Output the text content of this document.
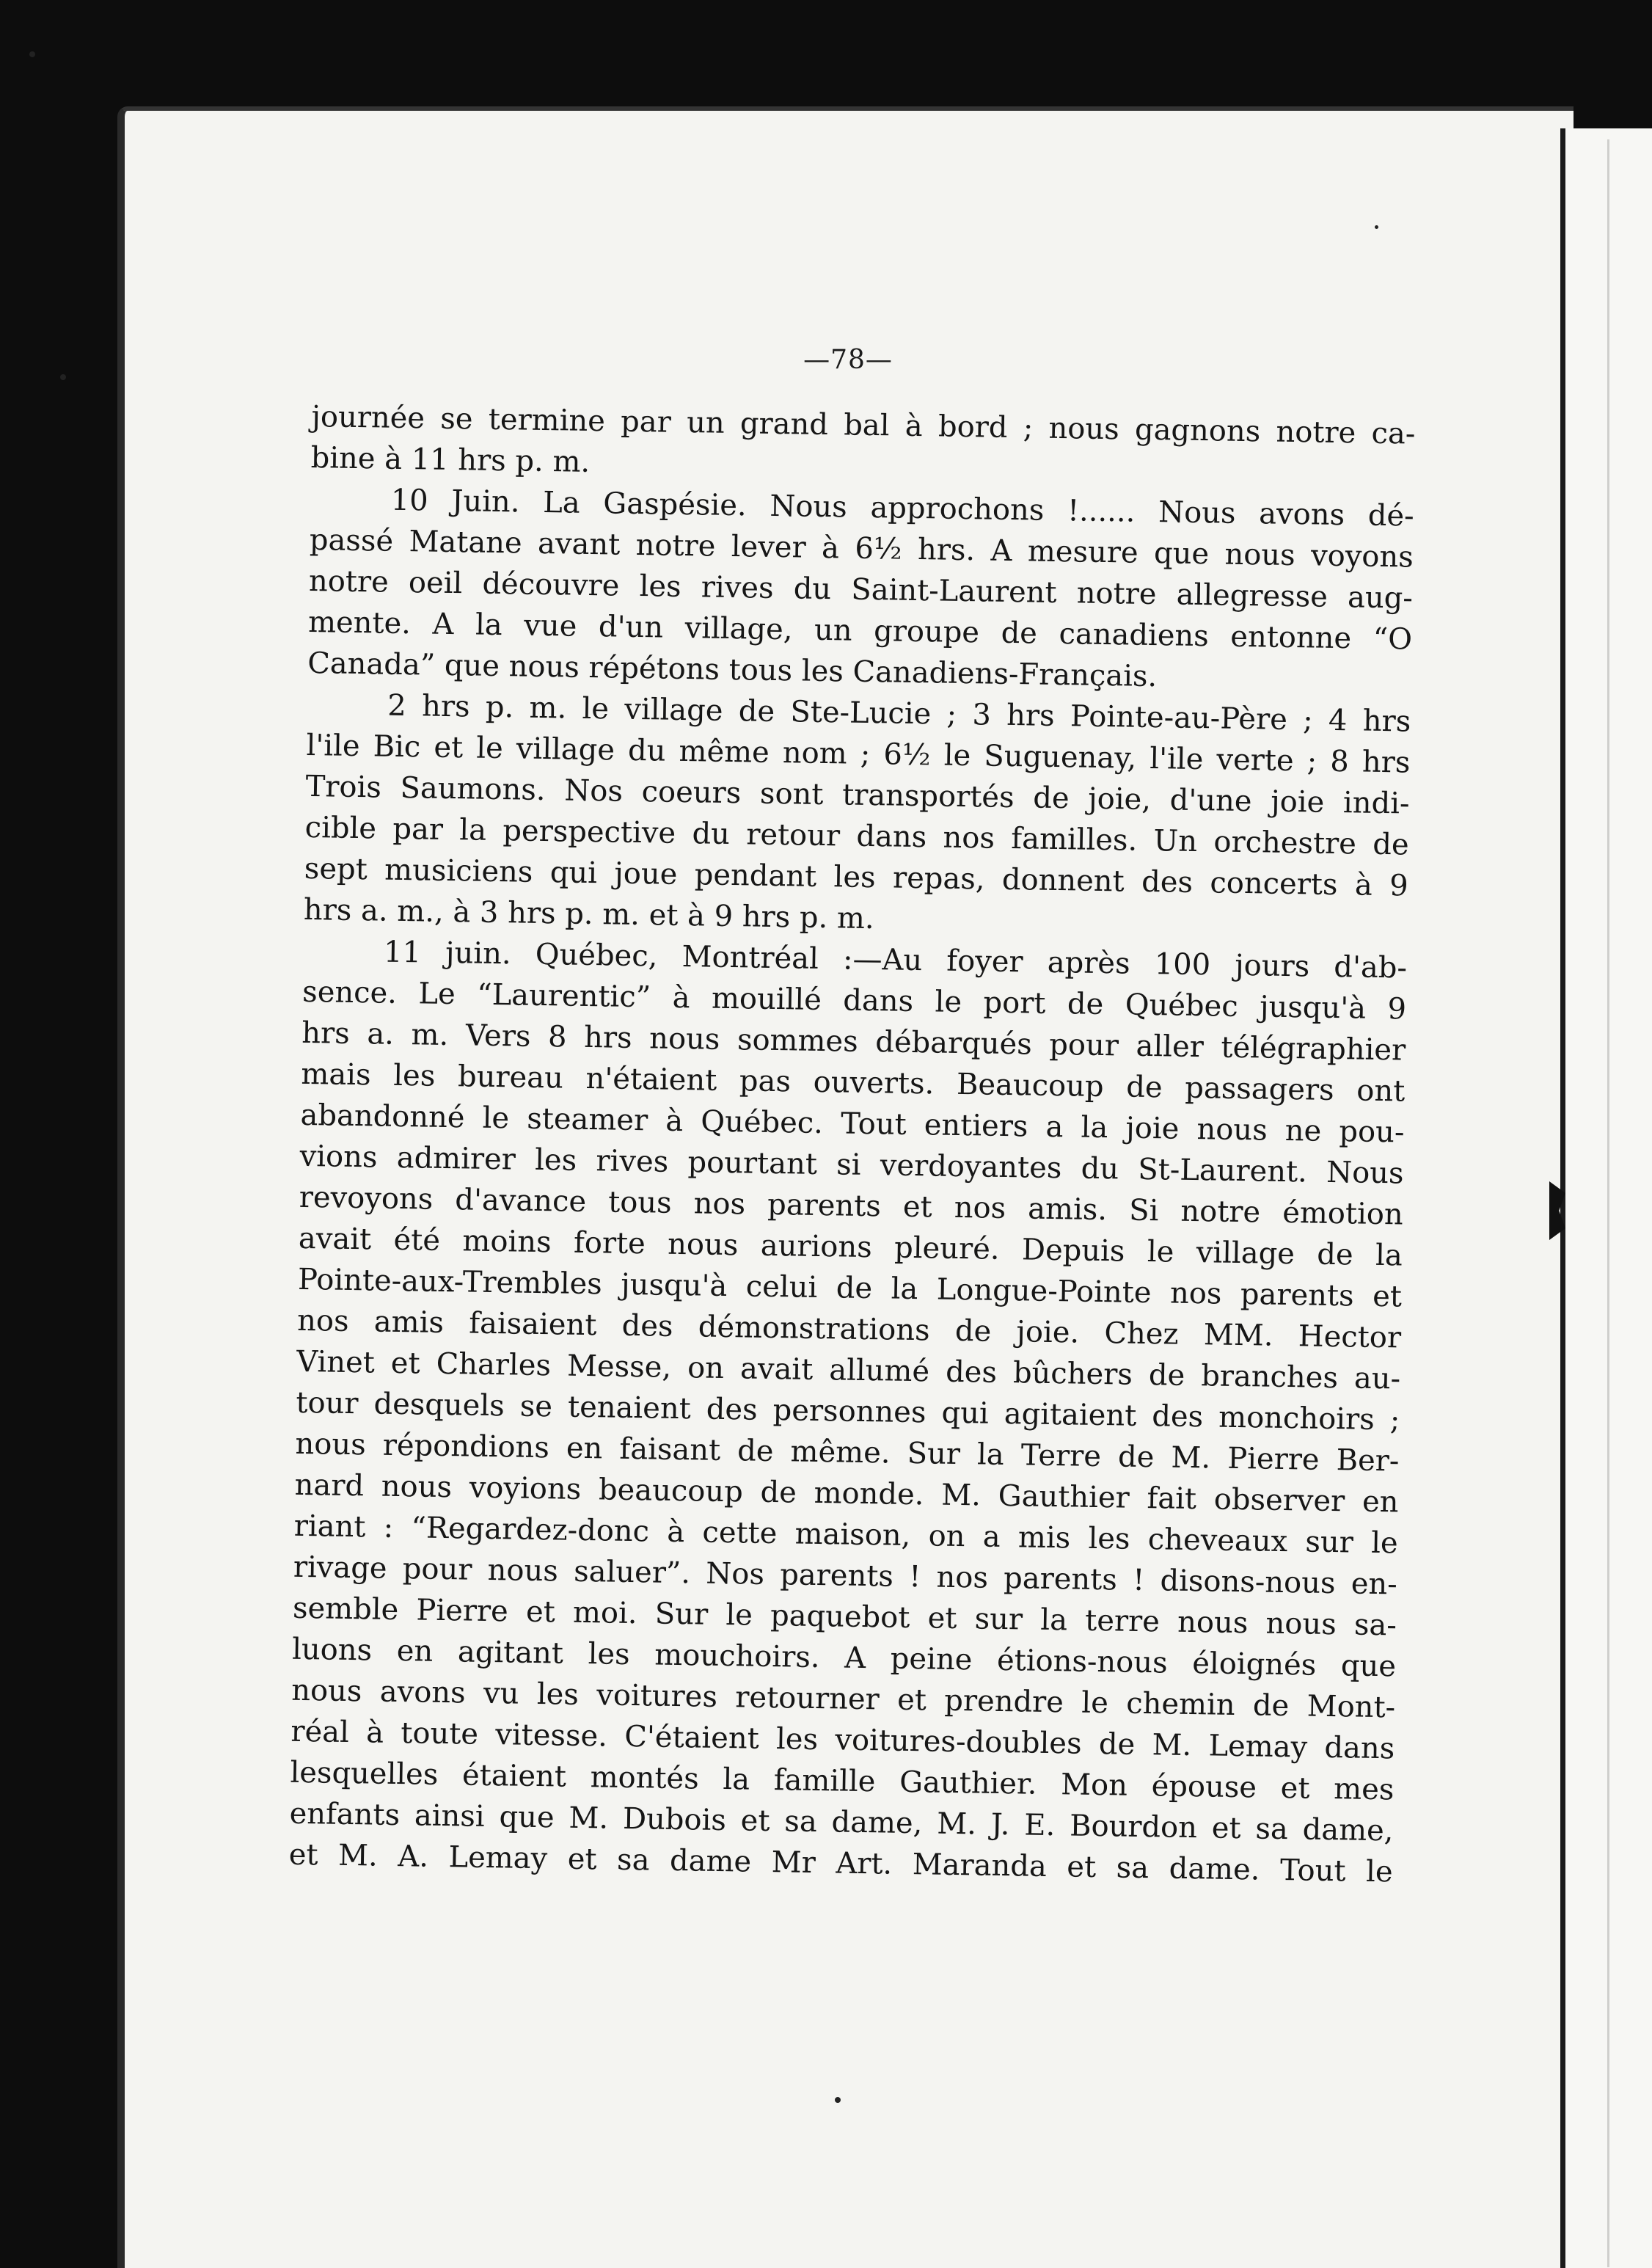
—78—
journée se termine par un grand bal à bord ; nous gagnons notre ca-
bine à 11 hrs p. m.
10 Juin. La Gaspésie. Nous approchons !...... Nous avons dé-
passé Matane avant notre lever à 6½ hrs. A mesure que nous voyons
notre oeil découvre les rives du Saint-Laurent notre allegresse aug-
mente. A la vue d'un village, un groupe de canadiens entonne “O
Canada” que nous répétons tous les Canadiens-Français.
2 hrs p. m. le village de Ste-Lucie ; 3 hrs Pointe-au-Père ; 4 hrs
l'ile Bic et le village du même nom ; 6½ le Suguenay, l'ile verte ; 8 hrs
Trois Saumons. Nos coeurs sont transportés de joie, d'une joie indi-
cible par la perspective du retour dans nos familles. Un orchestre de
sept musiciens qui joue pendant les repas, donnent des concerts à 9
hrs a. m., à 3 hrs p. m. et à 9 hrs p. m.
11 juin. Québec, Montréal :—Au foyer après 100 jours d'ab-
sence. Le “Laurentic” à mouillé dans le port de Québec jusqu'à 9
hrs a. m. Vers 8 hrs nous sommes débarqués pour aller télégraphier
mais les bureau n'étaient pas ouverts. Beaucoup de passagers ont
abandonné le steamer à Québec. Tout entiers a la joie nous ne pou-
vions admirer les rives pourtant si verdoyantes du St-Laurent. Nous
revoyons d'avance tous nos parents et nos amis. Si notre émotion
avait été moins forte nous aurions pleuré. Depuis le village de la
Pointe-aux-Trembles jusqu'à celui de la Longue-Pointe nos parents et
nos amis faisaient des démonstrations de joie. Chez MM. Hector
Vinet et Charles Messe, on avait allumé des bûchers de branches au-
tour desquels se tenaient des personnes qui agitaient des monchoirs ;
nous répondions en faisant de même. Sur la Terre de M. Pierre Ber-
nard nous voyions beaucoup de monde. M. Gauthier fait observer en
riant : “Regardez-donc à cette maison, on a mis les cheveaux sur le
rivage pour nous saluer”. Nos parents ! nos parents ! disons-nous en-
semble Pierre et moi. Sur le paquebot et sur la terre nous nous sa-
luons en agitant les mouchoirs. A peine étions-nous éloignés que
nous avons vu les voitures retourner et prendre le chemin de Mont-
réal à toute vitesse. C'étaient les voitures-doubles de M. Lemay dans
lesquelles étaient montés la famille Gauthier. Mon épouse et mes
enfants ainsi que M. Dubois et sa dame, M. J. E. Bourdon et sa dame,
et M. A. Lemay et sa dame Mr Art. Maranda et sa dame. Tout le
